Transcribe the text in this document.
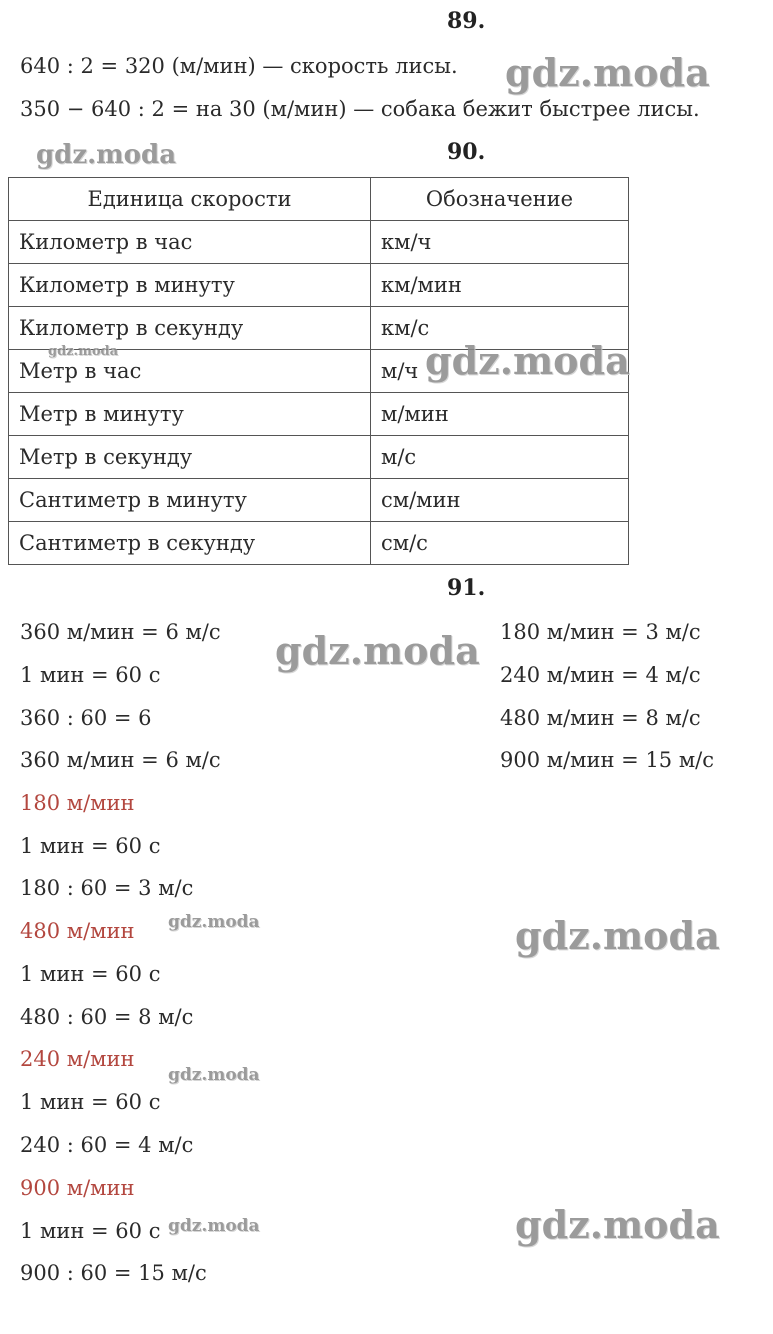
89.
640 : 2 = 320 (м/мин) — скорость лисы.
350 − 640 : 2 = на 30 (м/мин) — собака бежит быстрее лисы.
90.
Единица скорости	Обозначение
Километр в час	км/ч
Километр в минуту	км/мин
Километр в секунду	км/с
Метр в час	м/ч
Метр в минуту	м/мин
Метр в секунду	м/с
Сантиметр в минуту	см/мин
Сантиметр в секунду	см/с
91.
360 м/мин = 6 м/с
1 мин = 60 с
360 : 60 = 6
360 м/мин = 6 м/с
180 м/мин
1 мин = 60 с
180 : 60 = 3 м/с
480 м/мин
1 мин = 60 с
480 : 60 = 8 м/с
240 м/мин
1 мин = 60 с
240 : 60 = 4 м/с
900 м/мин
1 мин = 60 с
900 : 60 = 15 м/с
180 м/мин = 3 м/с
240 м/мин = 4 м/с
480 м/мин = 8 м/с
900 м/мин = 15 м/с
gdz.moda
gdz.moda
gdz.moda	gdz.moda
gdz.moda
gdz.moda	gdz.moda
gdz.moda
gdz.moda	gdz.moda
